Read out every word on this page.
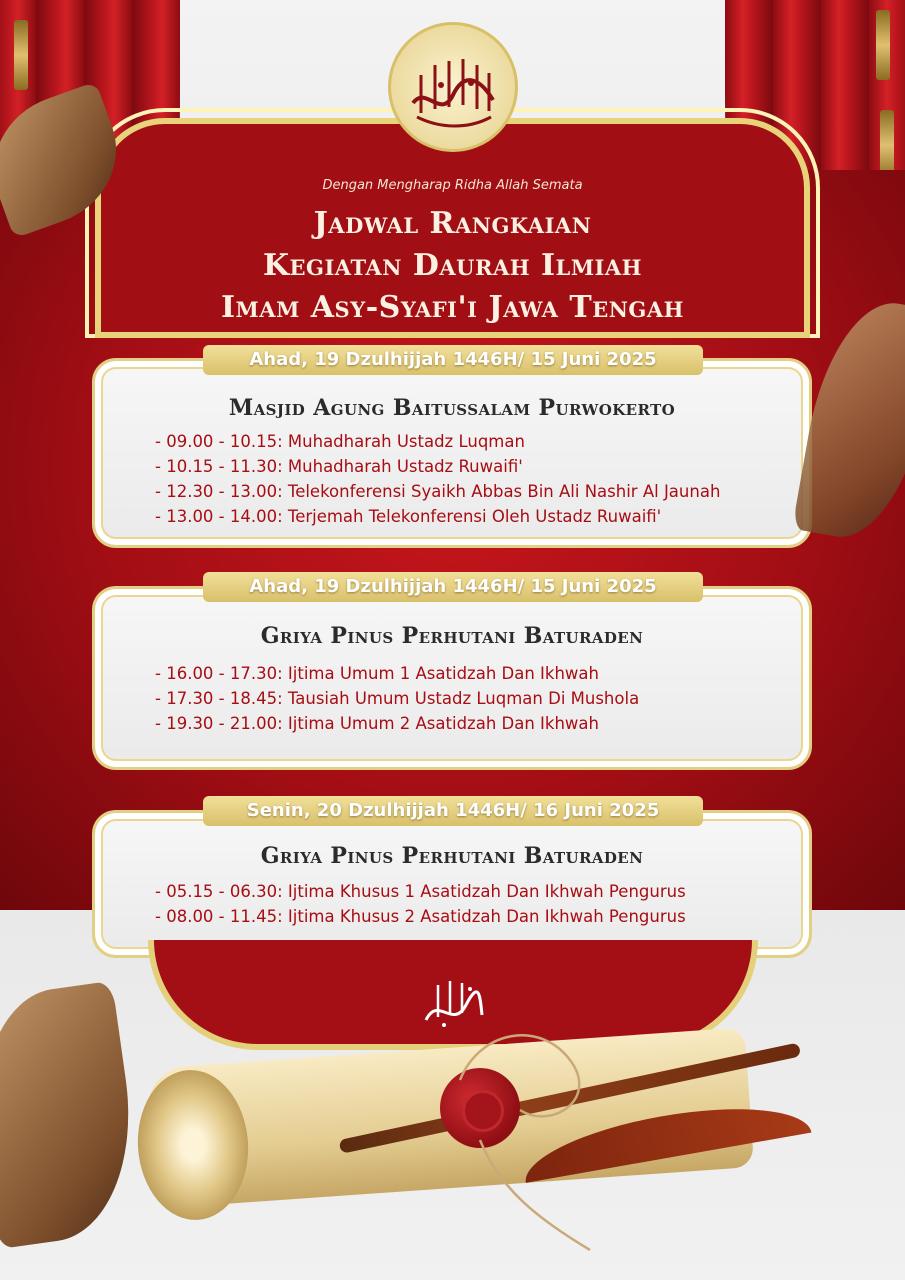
Dengan Mengharap Ridha Allah Semata
Jadwal Rangkaian
Kegiatan Daurah Ilmiah
Imam Asy-Syafi'i Jawa Tengah
Masjid Agung Baitussalam Purwokerto
- 09.00 - 10.15: Muhadharah Ustadz Luqman
- 10.15 - 11.30: Muhadharah Ustadz Ruwaifi'
- 12.30 - 13.00: Telekonferensi Syaikh Abbas Bin Ali Nashir Al Jaunah
- 13.00 - 14.00: Terjemah Telekonferensi Oleh Ustadz Ruwaifi'
Ahad, 19 Dzulhijjah 1446H/ 15 Juni 2025
Griya Pinus Perhutani Baturaden
- 16.00 - 17.30: Ijtima Umum 1 Asatidzah Dan Ikhwah
- 17.30 - 18.45: Tausiah Umum Ustadz Luqman Di Mushola
- 19.30 - 21.00: Ijtima Umum 2 Asatidzah Dan Ikhwah
Ahad, 19 Dzulhijjah 1446H/ 15 Juni 2025
Griya Pinus Perhutani Baturaden
- 05.15 - 06.30: Ijtima Khusus 1 Asatidzah Dan Ikhwah Pengurus
- 08.00 - 11.45: Ijtima Khusus 2 Asatidzah Dan Ikhwah Pengurus
Senin, 20 Dzulhijjah 1446H/ 16 Juni 2025
